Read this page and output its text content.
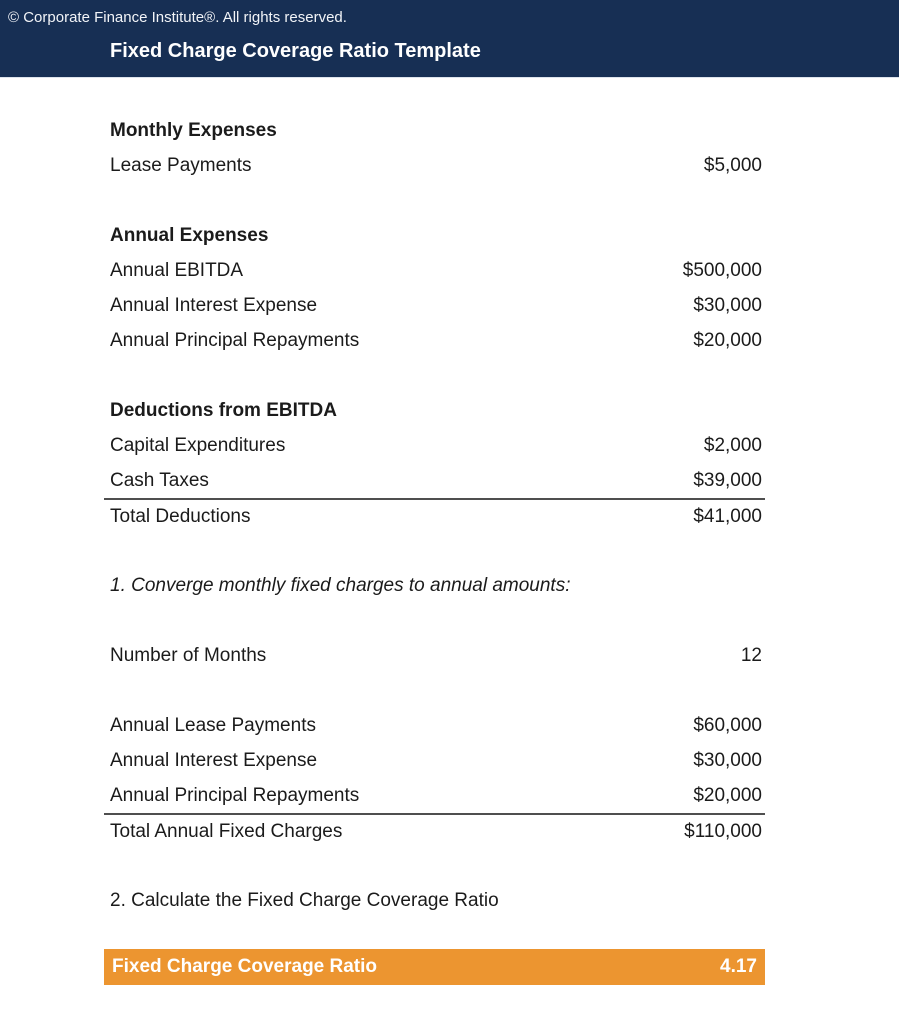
© Corporate Finance Institute®. All rights reserved.
Fixed Charge Coverage Ratio Template
Monthly Expenses
Lease Payments	$5,000
Annual Expenses
Annual EBITDA	$500,000
Annual Interest Expense	$30,000
Annual Principal Repayments	$20,000
Deductions from EBITDA
Capital Expenditures	$2,000
Cash Taxes	$39,000
Total Deductions	$41,000
1. Converge monthly fixed charges to annual amounts:
Number of Months	12
Annual Lease Payments	$60,000
Annual Interest Expense	$30,000
Annual Principal Repayments	$20,000
Total Annual Fixed Charges	$110,000
2. Calculate the Fixed Charge Coverage Ratio
Fixed Charge Coverage Ratio	4.17
